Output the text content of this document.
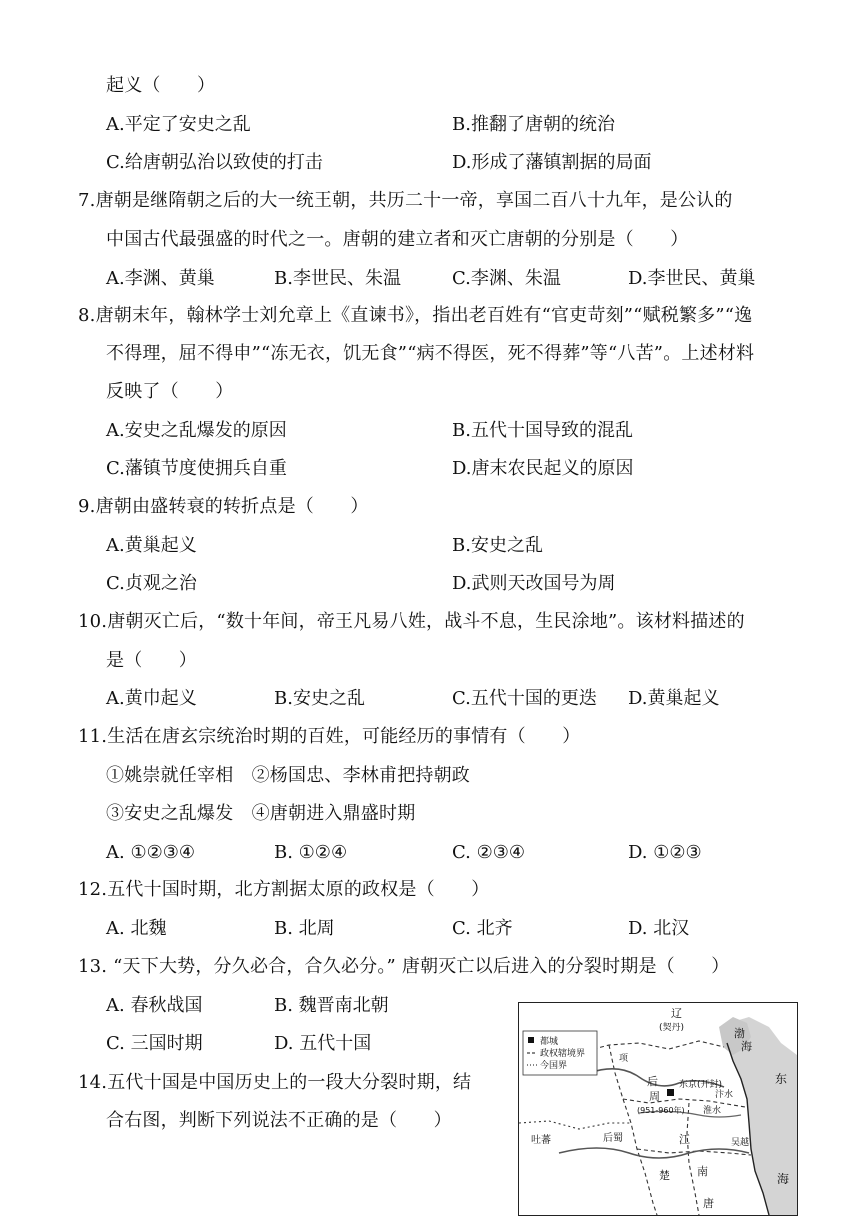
起义（　　）
A.平定了安史之乱	B.推翻了唐朝的统治
C.给唐朝弘治以致使的打击	D.形成了藩镇割据的局面
7.唐朝是继隋朝之后的大一统王朝，共历二十一帝，享国二百八十九年，是公认的
中国古代最强盛的时代之一。唐朝的建立者和灭亡唐朝的分别是（　　）
A.李渊、黄巢	B.李世民、朱温	C.李渊、朱温	D.李世民、黄巢
8.唐朝末年，翰林学士刘允章上《直谏书》，指出老百姓有“官吏苛刻”“赋税繁多”“逸
不得理，屈不得申”“冻无衣，饥无食”“病不得医，死不得葬”等“八苦”。上述材料
反映了（　　）
A.安史之乱爆发的原因	B.五代十国导致的混乱
C.藩镇节度使拥兵自重	D.唐末农民起义的原因
9.唐朝由盛转衰的转折点是（　　）
A.黄巢起义	B.安史之乱
C.贞观之治	D.武则天改国号为周
10.唐朝灭亡后，“数十年间，帝王凡易八姓，战斗不息，生民涂地”。该材料描述的
是（　　）
A.黄巾起义	B.安史之乱	C.五代十国的更迭 D.黄巢起义
11.生活在唐玄宗统治时期的百姓，可能经历的事情有（　　）
①姚崇就任宰相　②杨国忠、李林甫把持朝政
③安史之乱爆发　④唐朝进入鼎盛时期
A. ①②③④	B. ①②④	C. ②③④	D. ①②③
12.五代十国时期，北方割据太原的政权是（　　）
A. 北魏	B. 北周	C. 北齐	D. 北汉
13. “天下大势，分久必合，合久必分。” 唐朝灭亡以后进入的分裂时期是（　　）
A. 春秋战国	B. 魏晋南北朝
C. 三国时期	D. 五代十国
14.五代十国是中国历史上的一段大分裂时期，结
合右图，判断下列说法不正确的是（　　）
都城
政权辖境界
今国界
辽
(契丹)	渤
海
东京(开封)
后
周
(951-960年) 淮水
汴水
项
东
海
后蜀
吐蕃	江
南
楚
唐
吴越
